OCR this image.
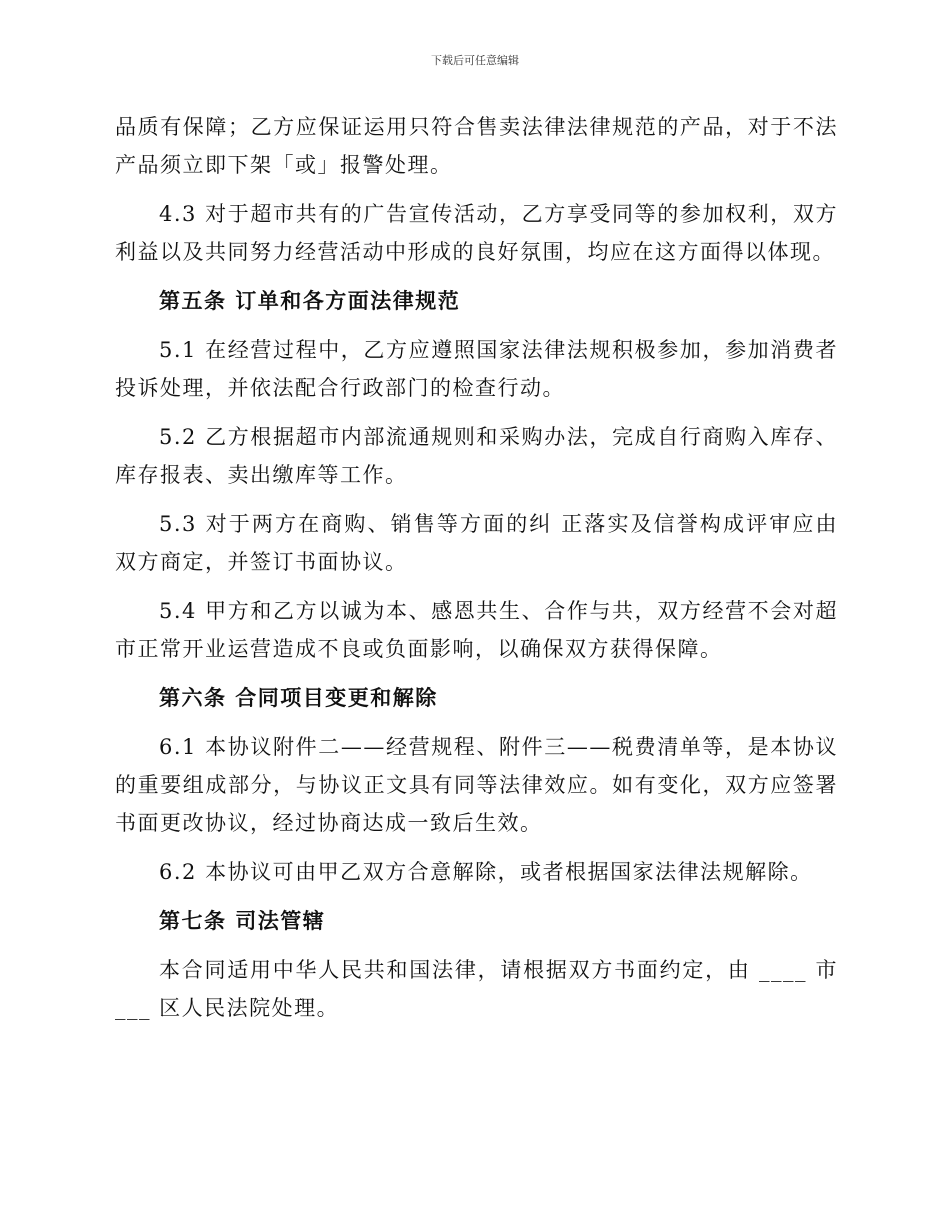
下载后可任意编辑

品质有保障；乙方应保证运用只符合售卖法律法律规范的产品，对于不法产品须立即下架「或」报警处理。

4.3 对于超市共有的广告宣传活动，乙方享受同等的参加权利，双方利益以及共同努力经营活动中形成的良好氛围，均应在这方面得以体现。

第五条 订单和各方面法律规范

5.1 在经营过程中，乙方应遵照国家法律法规积极参加，参加消费者投诉处理，并依法配合行政部门的检查行动。

5.2 乙方根据超市内部流通规则和采购办法，完成自行商购入库存、库存报表、卖出缴库等工作。

5.3 对于两方在商购、销售等方面的纠 正落实及信誉构成评审应由双方商定，并签订书面协议。

5.4 甲方和乙方以诚为本、感恩共生、合作与共，双方经营不会对超市正常开业运营造成不良或负面影响，以确保双方获得保障。

第六条 合同项目变更和解除

6.1 本协议附件二——经营规程、附件三——税费清单等，是本协议的重要组成部分，与协议正文具有同等法律效应。如有变化，双方应签署书面更改协议，经过协商达成一致后生效。

6.2 本协议可由甲乙双方合意解除，或者根据国家法律法规解除。

第七条 司法管辖

本合同适用中华人民共和国法律，请根据双方书面约定，由 ____ 市 ___ 区人民法院处理。
